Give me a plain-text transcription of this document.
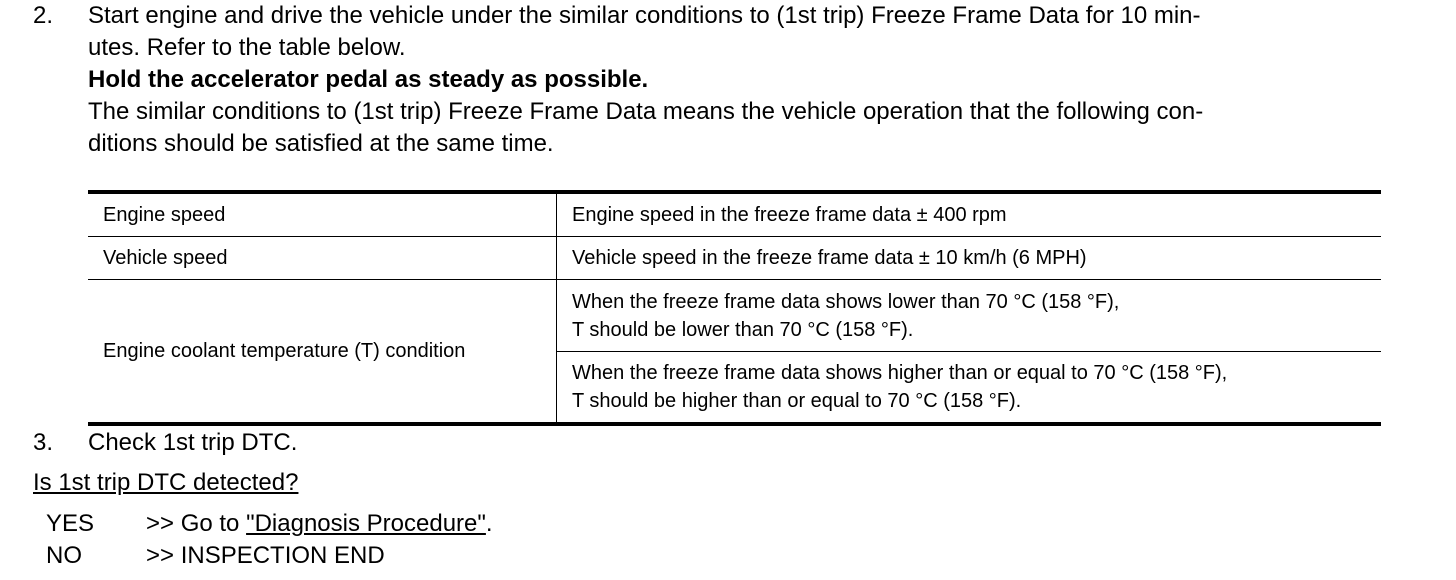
2. Start engine and drive the vehicle under the similar conditions to (1st trip) Freeze Frame Data for 10 min-

utes. Refer to the table below.

Hold the accelerator pedal as steady as possible.

The similar conditions to (1st trip) Freeze Frame Data means the vehicle operation that the following con-

ditions should be satisfied at the same time.

Engine speed	Engine speed in the freeze frame data ± 400 rpm
Vehicle speed	Vehicle speed in the freeze frame data ± 10 km/h (6 MPH)
Engine coolant temperature (T) condition	When the freeze frame data shows lower than 70 °C (158 °F),
T should be lower than 70 °C (158 °F).

	When the freeze frame data shows higher than or equal to 70 °C (158 °F),
T should be higher than or equal to 70 °C (158 °F).
3. Check 1st trip DTC.

Is 1st trip DTC detected?
YES >> Go to "Diagnosis Procedure".
NO	>> INSPECTION END
